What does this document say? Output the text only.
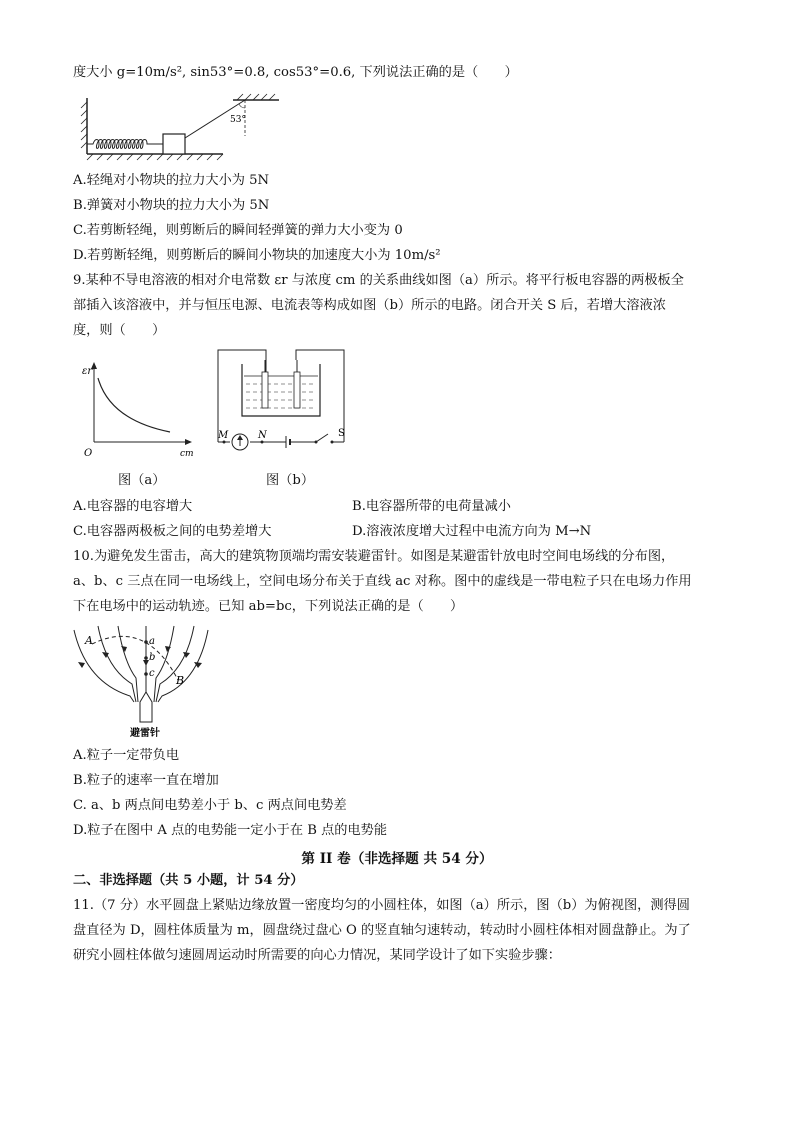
度大小 g=10m/s², sin53°=0.8, cos53°=0.6, 下列说法正确的是（　　）
53°
A.轻绳对小物块的拉力大小为 5N
B.弹簧对小物块的拉力大小为 5N
C.若剪断轻绳，则剪断后的瞬间轻弹簧的弹力大小变为 0
D.若剪断轻绳，则剪断后的瞬间小物块的加速度大小为 10m/s²
9.某种不导电溶液的相对介电常数 εr 与浓度 cm 的关系曲线如图（a）所示。将平行板电容器的两极板全
部插入该溶液中，并与恒压电源、电流表等构成如图（b）所示的电路。闭合开关 S 后，若增大溶液浓
度，则（　　）
εr
cm
O
M	N	S
图（a）	图（b）
A.电容器的电容增大	B.电容器所带的电荷量减小
C.电容器两极板之间的电势差增大	D.溶液浓度增大过程中电流方向为 M→N
10.为避免发生雷击，高大的建筑物顶端均需安装避雷针。如图是某避雷针放电时空间电场线的分布图，
a、b、c 三点在同一电场线上，空间电场分布关于直线 ac 对称。图中的虚线是一带电粒子只在电场力作用
下在电场中的运动轨迹。已知 ab=bc，下列说法正确的是（　　）
A
B
a
b
c
避雷针
A.粒子一定带负电
B.粒子的速率一直在增加
C. a、b 两点间电势差小于 b、c 两点间电势差
D.粒子在图中 A 点的电势能一定小于在 B 点的电势能
第 II 卷（非选择题 共 54 分）
二、非选择题（共 5 小题，计 54 分）
11.（7 分）水平圆盘上紧贴边缘放置一密度均匀的小圆柱体，如图（a）所示，图（b）为俯视图，测得圆
盘直径为 D，圆柱体质量为 m，圆盘绕过盘心 O 的竖直轴匀速转动，转动时小圆柱体相对圆盘静止。为了
研究小圆柱体做匀速圆周运动时所需要的向心力情况，某同学设计了如下实验步骤：
